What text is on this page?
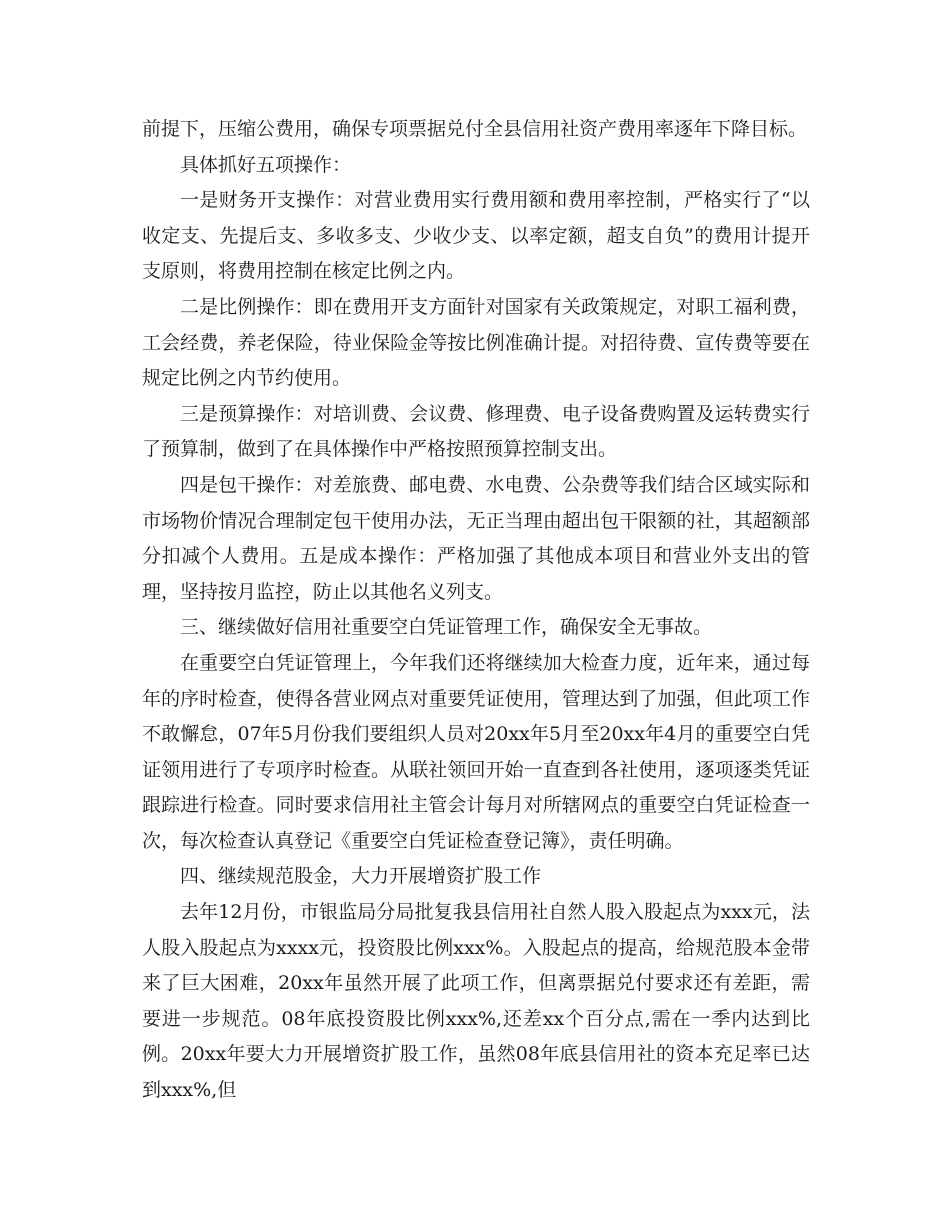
前提下，压缩公费用，确保专项票据兑付全县信用社资产费用率逐年下降目标。

具体抓好五项操作：

一是财务开支操作：对营业费用实行费用额和费用率控制，严格实行了“以收定支、先提后支、多收多支、少收少支、以率定额，超支自负”的费用计提开支原则，将费用控制在核定比例之内。

二是比例操作：即在费用开支方面针对国家有关政策规定，对职工福利费，工会经费，养老保险，待业保险金等按比例准确计提。对招待费、宣传费等要在规定比例之内节约使用。

三是预算操作：对培训费、会议费、修理费、电子设备费购置及运转费实行了预算制，做到了在具体操作中严格按照预算控制支出。

四是包干操作：对差旅费、邮电费、水电费、公杂费等我们结合区域实际和市场物价情况合理制定包干使用办法，无正当理由超出包干限额的社，其超额部分扣减个人费用。五是成本操作：严格加强了其他成本项目和营业外支出的管理，坚持按月监控，防止以其他名义列支。

三、继续做好信用社重要空白凭证管理工作，确保安全无事故。

在重要空白凭证管理上，今年我们还将继续加大检查力度，近年来，通过每年的序时检查，使得各营业网点对重要凭证使用，管理达到了加强，但此项工作不敢懈怠，07年5月份我们要组织人员对20xx年5月至20xx年4月的重要空白凭证领用进行了专项序时检查。从联社领回开始一直查到各社使用，逐项逐类凭证跟踪进行检查。同时要求信用社主管会计每月对所辖网点的重要空白凭证检查一次，每次检查认真登记《重要空白凭证检查登记簿》，责任明确。

四、继续规范股金，大力开展增资扩股工作

去年12月份，市银监局分局批复我县信用社自然人股入股起点为xxx元，法人股入股起点为xxxx元，投资股比例xxx%。入股起点的提高，给规范股本金带来了巨大困难，20xx年虽然开展了此项工作，但离票据兑付要求还有差距，需要进一步规范。08年底投资股比例xxx%,还差xx个百分点,需在一季内达到比例。20xx年要大力开展增资扩股工作，虽然08年底县信用社的资本充足率已达到xxx%,但
